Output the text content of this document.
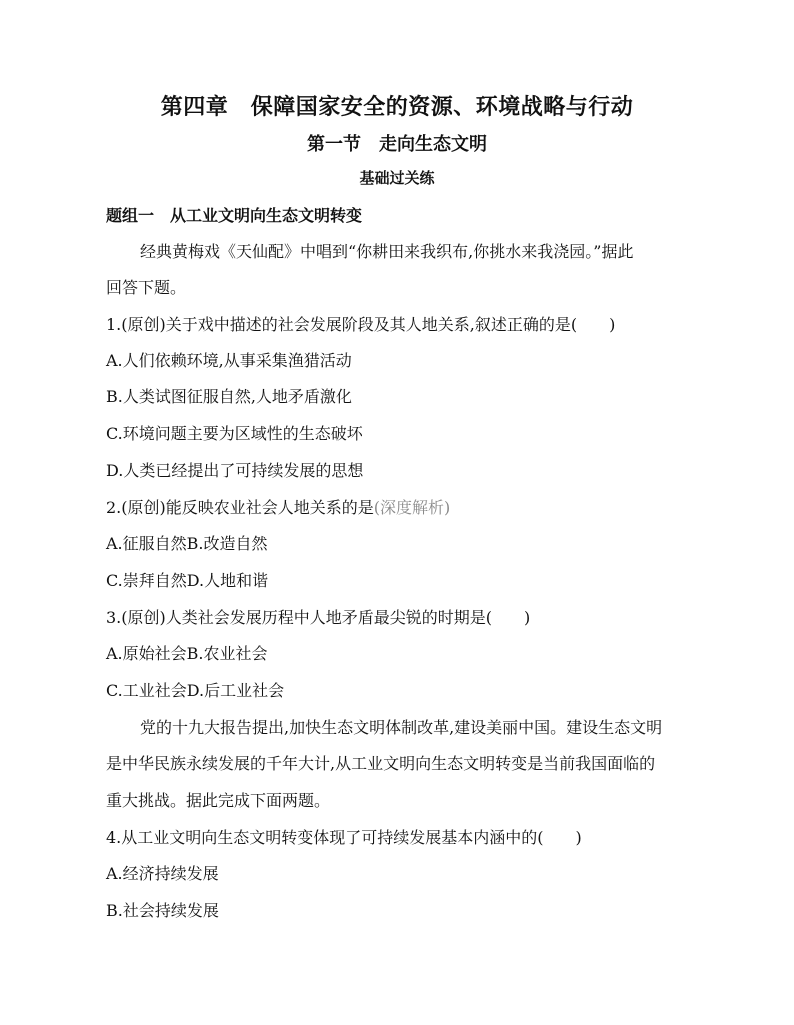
第四章　保障国家安全的资源、环境战略与行动
第一节　走向生态文明
基础过关练
题组一　从工业文明向生态文明转变
经典黄梅戏《天仙配》中唱到“你耕田来我织布,你挑水来我浇园。”据此
回答下题。
1.(原创)关于戏中描述的社会发展阶段及其人地关系,叙述正确的是(　　)
A.人们依赖环境,从事采集渔猎活动
B.人类试图征服自然,人地矛盾激化
C.环境问题主要为区域性的生态破坏
D.人类已经提出了可持续发展的思想
2.(原创)能反映农业社会人地关系的是(深度解析)
A.征服自然B.改造自然
C.崇拜自然D.人地和谐
3.(原创)人类社会发展历程中人地矛盾最尖锐的时期是(　　)
A.原始社会B.农业社会
C.工业社会D.后工业社会
党的十九大报告提出,加快生态文明体制改革,建设美丽中国。建设生态文明
是中华民族永续发展的千年大计,从工业文明向生态文明转变是当前我国面临的
重大挑战。据此完成下面两题。
4.从工业文明向生态文明转变体现了可持续发展基本内涵中的(　　)
A.经济持续发展
B.社会持续发展
